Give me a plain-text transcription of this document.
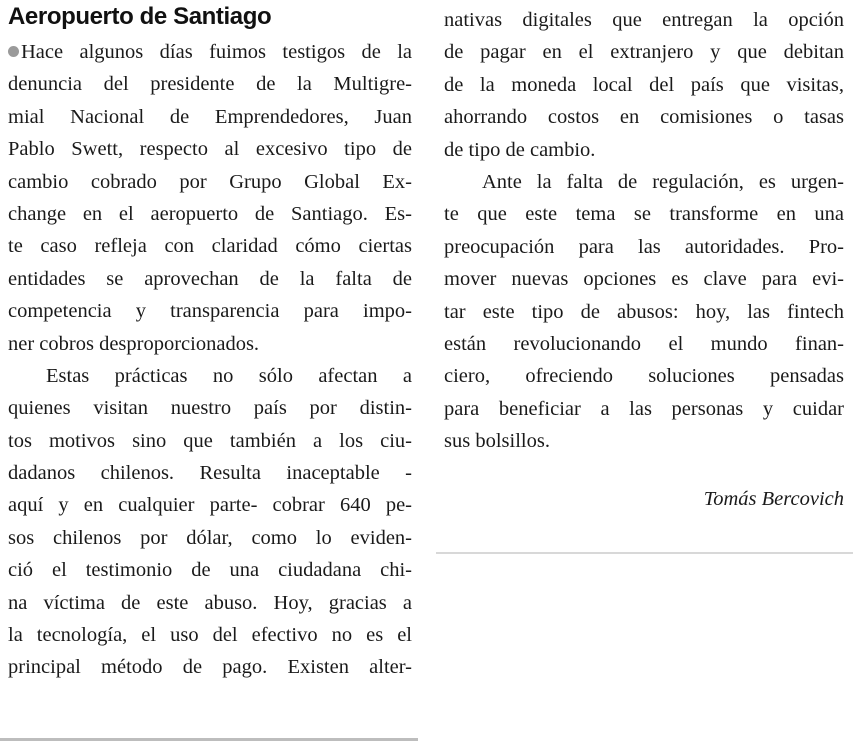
Aeropuerto de Santiago
Hace algunos días fuimos testigos de la
denuncia del presidente de la Multigre-
mial Nacional de Emprendedores, Juan
Pablo Swett, respecto al excesivo tipo de
cambio cobrado por Grupo Global Ex-
change en el aeropuerto de Santiago. Es-
te caso refleja con claridad cómo ciertas
entidades se aprovechan de la falta de
competencia y transparencia para impo-
ner cobros desproporcionados.
Estas prácticas no sólo afectan a
quienes visitan nuestro país por distin-
tos motivos sino que también a los ciu-
dadanos chilenos. Resulta inaceptable -
aquí y en cualquier parte- cobrar 640 pe-
sos chilenos por dólar, como lo eviden-
ció el testimonio de una ciudadana chi-
na víctima de este abuso. Hoy, gracias a
la tecnología, el uso del efectivo no es el
principal método de pago. Existen alter-
nativas digitales que entregan la opción
de pagar en el extranjero y que debitan
de la moneda local del país que visitas,
ahorrando costos en comisiones o tasas
de tipo de cambio.
Ante la falta de regulación, es urgen-
te que este tema se transforme en una
preocupación para las autoridades. Pro-
mover nuevas opciones es clave para evi-
tar este tipo de abusos: hoy, las fintech
están revolucionando el mundo finan-
ciero, ofreciendo soluciones pensadas
para beneficiar a las personas y cuidar
sus bolsillos.
Tomás Bercovich
